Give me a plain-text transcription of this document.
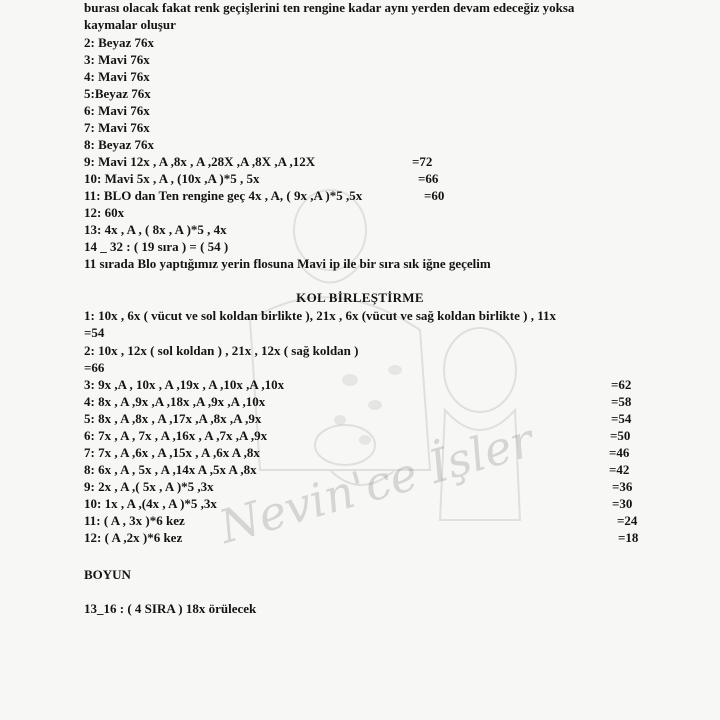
Nevin'ce İşler
burası olacak fakat renk geçişlerini ten rengine kadar aynı yerden devam edeceğiz yoksa
kaymalar oluşur
2: Beyaz 76x
3: Mavi 76x
4: Mavi 76x
5:Beyaz 76x
6: Mavi 76x
7: Mavi 76x
8: Beyaz 76x
9: Mavi 12x , A ,8x , A ,28X ,A ,8X ,A ,12X	=72
10: Mavi 5x , A , (10x ,A )*5 , 5x	=66
11: BLO dan Ten rengine geç 4x , A, ( 9x ,A )*5 ,5x	=60
12: 60x
13: 4x , A , ( 8x , A )*5 , 4x
14 _ 32 : ( 19 sıra ) = ( 54 )
11 sırada Blo yaptığımız yerin flosuna Mavi ip ile bir sıra sık iğne geçelim
KOL BİRLEŞTİRME
1: 10x , 6x ( vücut ve sol koldan birlikte ), 21x , 6x (vücut ve sağ koldan birlikte ) , 11x
=54
2: 10x , 12x ( sol koldan ) , 21x , 12x ( sağ koldan )
=66
3: 9x ,A , 10x , A ,19x , A ,10x ,A ,10x	=62
4: 8x , A ,9x ,A ,18x ,A ,9x ,A ,10x	=58
5: 8x , A ,8x , A ,17x ,A ,8x ,A ,9x	=54
6: 7x , A , 7x , A ,16x , A ,7x ,A ,9x	=50
7: 7x , A ,6x , A ,15x , A ,6x A ,8x	=46
8: 6x , A , 5x , A ,14x A ,5x A ,8x	=42
9: 2x , A ,( 5x , A )*5 ,3x	=36
10: 1x , A ,(4x , A )*5 ,3x	=30
11: ( A , 3x )*6 kez	=24
12: ( A ,2x )*6 kez	=18
BOYUN
13_16 : ( 4 SIRA ) 18x örülecek
